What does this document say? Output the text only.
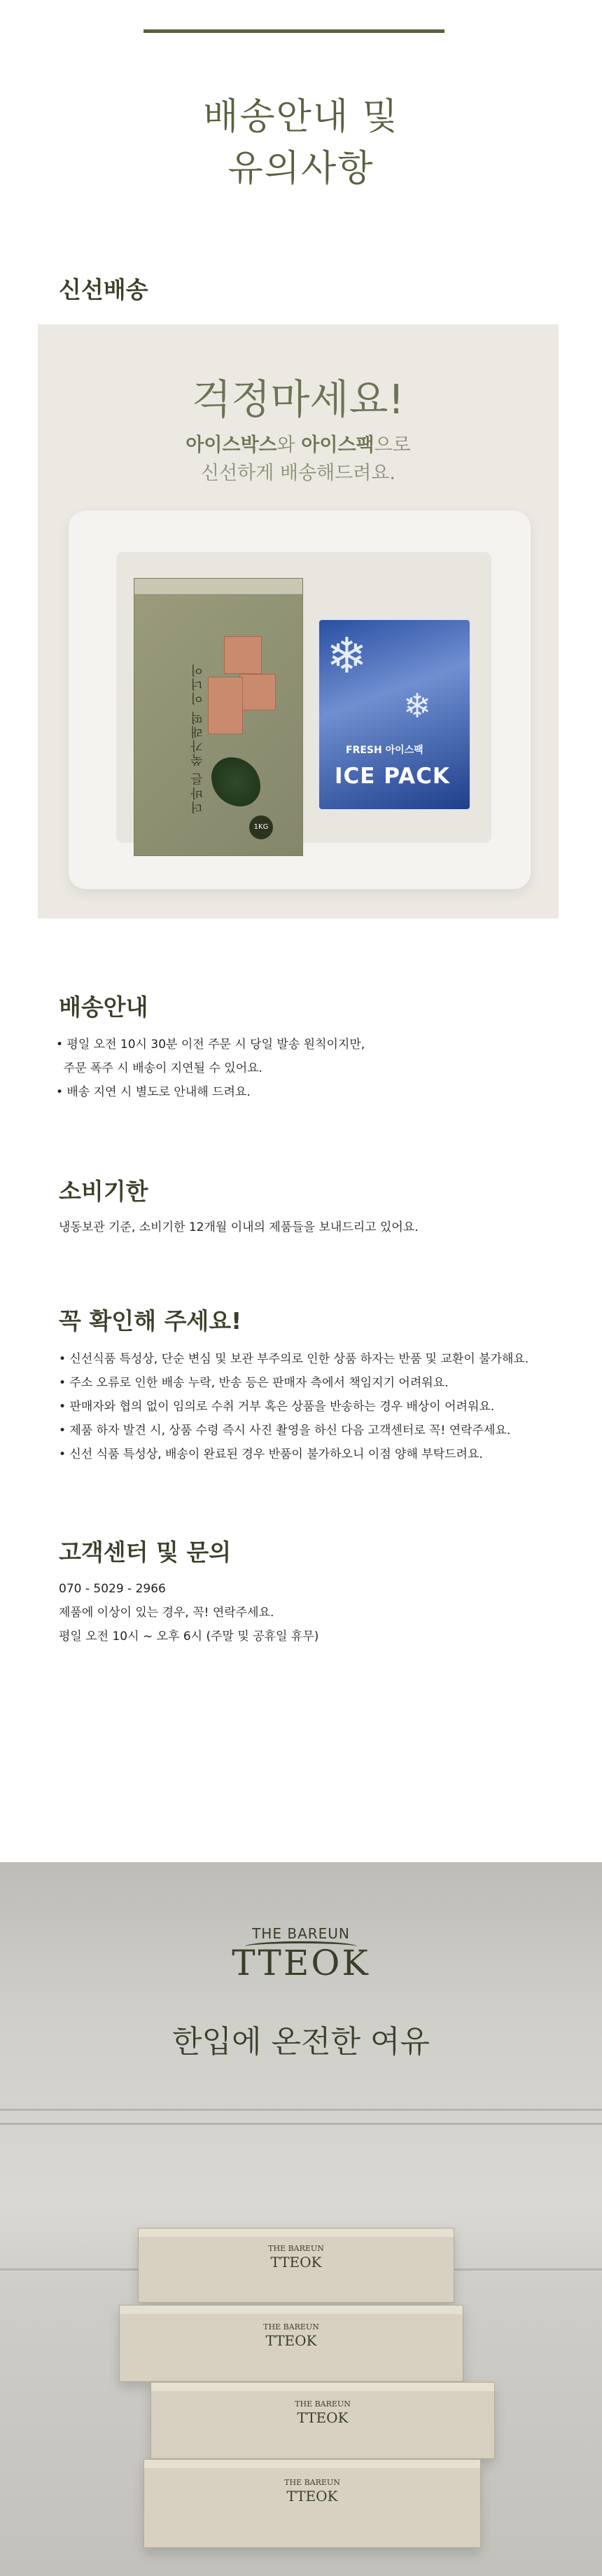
배송안내 및
유의사항
신선배송
걱정마세요!
아이스박스와 아이스팩으로
신선하게 배송해드려요.
더바른 쑥가래떡 이너이
1KG
❄
❄
FRESH 아이스팩
ICE PACK
배송안내
• 평일 오전 10시 30분 이전 주문 시 당일 발송 원칙이지만,
주문 폭주 시 배송이 지연될 수 있어요.
• 배송 지연 시 별도로 안내해 드려요.
소비기한
냉동보관 기준, 소비기한 12개월 이내의 제품들을 보내드리고 있어요.
꼭 확인해 주세요!
• 신선식품 특성상, 단순 변심 및 보관 부주의로 인한 상품 하자는 반품 및 교환이 불가해요.
• 주소 오류로 인한 배송 누락, 반송 등은 판매자 측에서 책임지기 어려워요.
• 판매자와 협의 없이 임의로 수취 거부 혹은 상품을 반송하는 경우 배상이 어려워요.
• 제품 하자 발견 시, 상품 수령 즉시 사진 촬영을 하신 다음 고객센터로 꼭! 연락주세요.
• 신선 식품 특성상, 배송이 완료된 경우 반품이 불가하오니 이점 양해 부탁드려요.
고객센터 및 문의
070 - 5029 - 2966
제품에 이상이 있는 경우, 꼭! 연락주세요.
평일 오전 10시 ~ 오후 6시 (주말 및 공휴일 휴무)
THE BAREUN
TTEOK
한입에 온전한 여유
THE BAREUN
TTEOK
THE BAREUN
TTEOK
THE BAREUN
TTEOK
THE BAREUN
TTEOK
